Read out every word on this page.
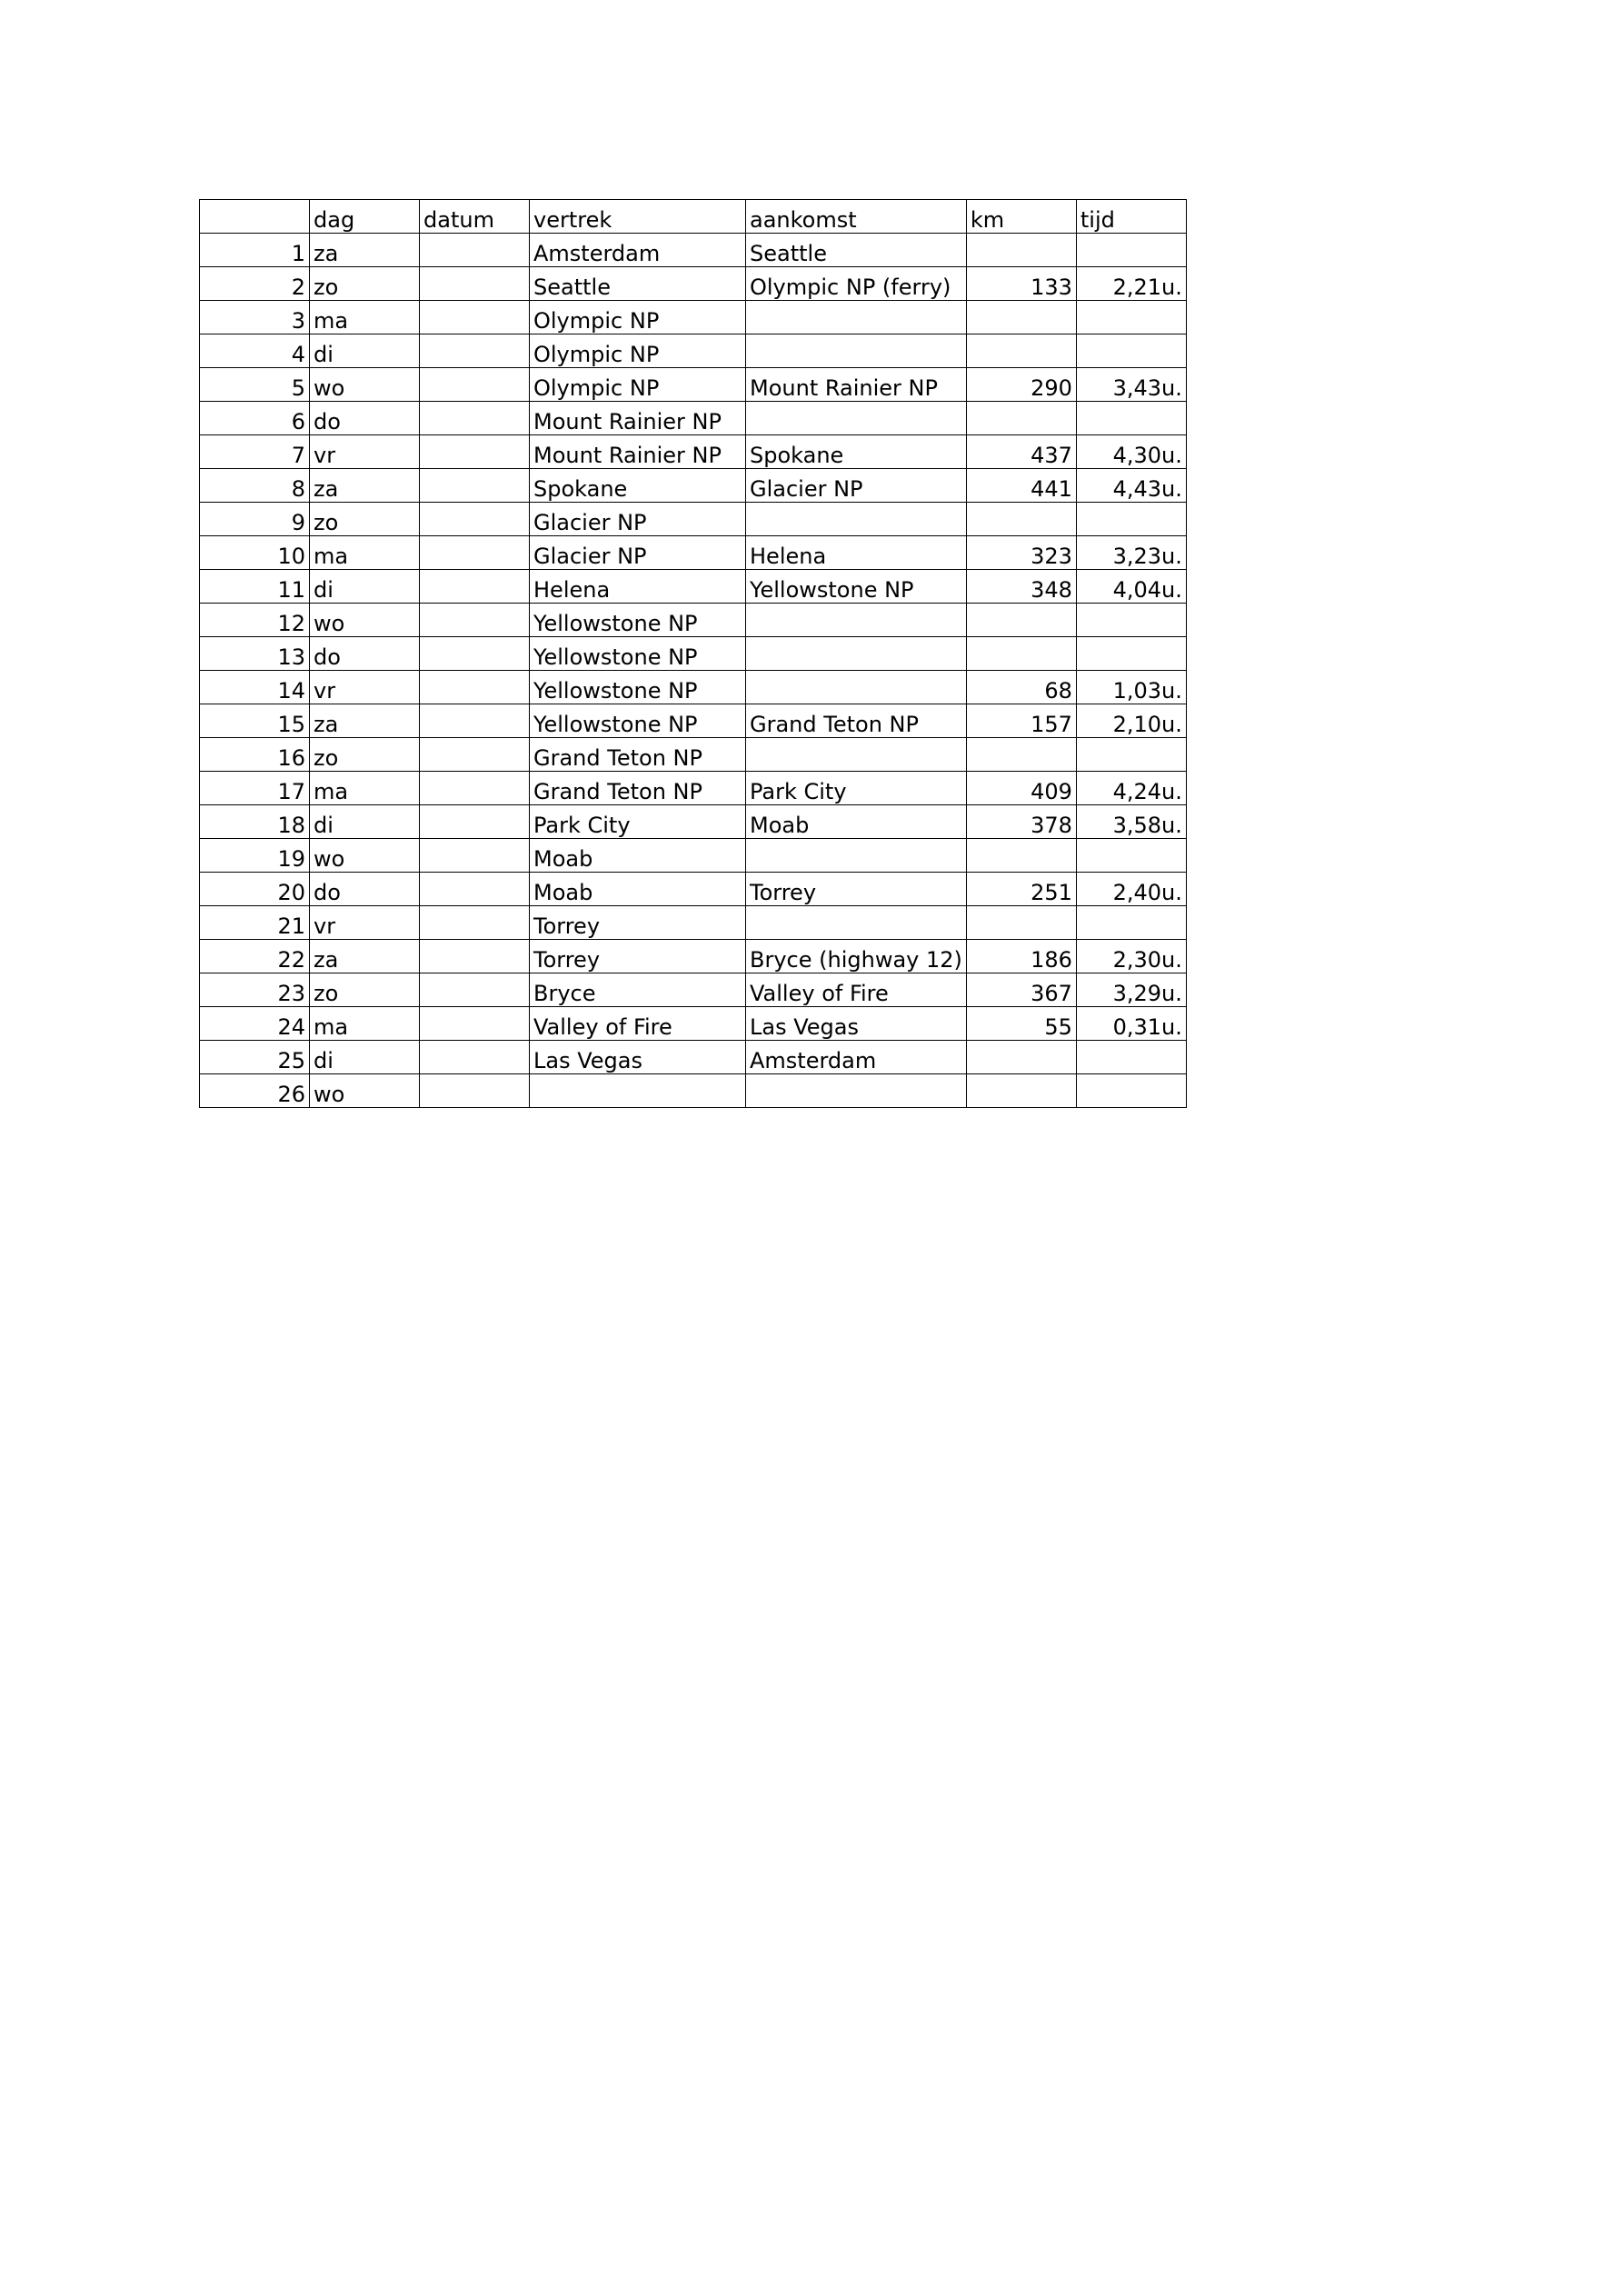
	dag	datum	vertrek	aankomst	km	tijd
1	za		Amsterdam	Seattle		
2	zo		Seattle	Olympic NP (ferry)	133	2,21u.
3	ma		Olympic NP			
4	di		Olympic NP			
5	wo		Olympic NP	Mount Rainier NP	290	3,43u.
6	do		Mount Rainier NP			
7	vr		Mount Rainier NP	Spokane	437	4,30u.
8	za		Spokane	Glacier NP	441	4,43u.
9	zo		Glacier NP			
10	ma		Glacier NP	Helena	323	3,23u.
11	di		Helena	Yellowstone NP	348	4,04u.
12	wo		Yellowstone NP			
13	do		Yellowstone NP			
14	vr		Yellowstone NP		68	1,03u.
15	za		Yellowstone NP	Grand Teton NP	157	2,10u.
16	zo		Grand Teton NP			
17	ma		Grand Teton NP	Park City	409	4,24u.
18	di		Park City	Moab	378	3,58u.
19	wo		Moab			
20	do		Moab	Torrey	251	2,40u.
21	vr		Torrey			
22	za		Torrey	Bryce (highway 12)	186	2,30u.
23	zo		Bryce	Valley of Fire	367	3,29u.
24	ma		Valley of Fire	Las Vegas	55	0,31u.
25	di		Las Vegas	Amsterdam		
26	wo					
